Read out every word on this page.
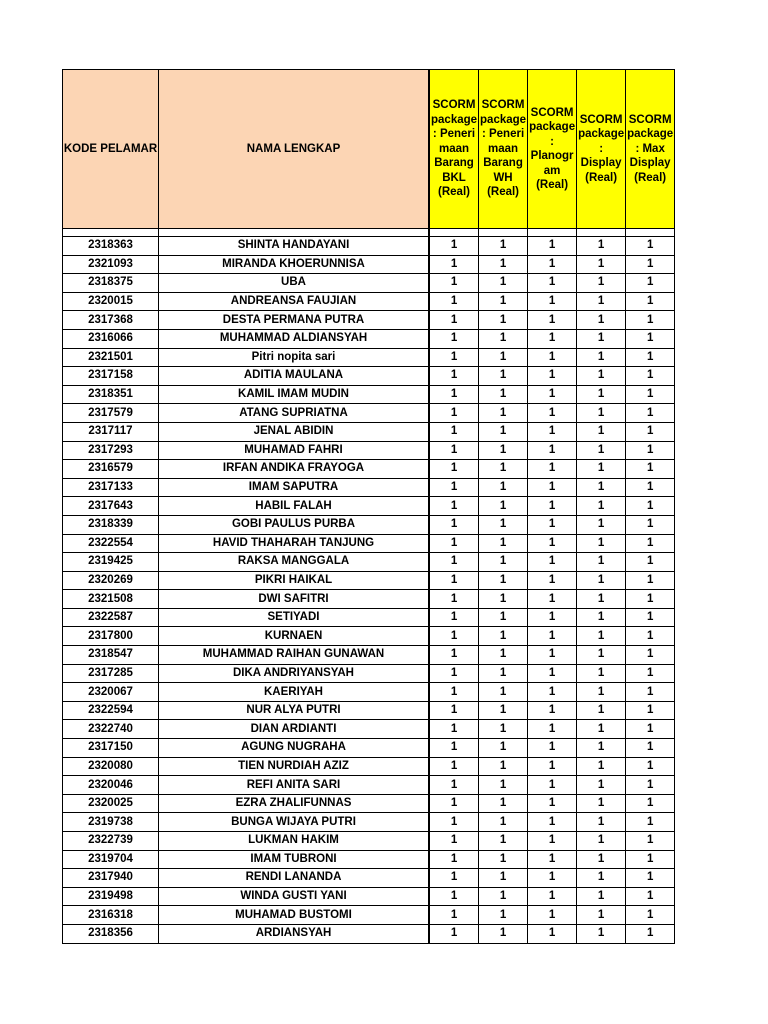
KODE PELAMAR	NAMA LENGKAP		SCORM package : Peneri maan Barang BKL (Real)	SCORM package : Peneri maan Barang WH (Real)	SCORM package : Planogr am (Real)	SCORM package : Display (Real)	SCORM package : Max Display (Real)

2318363	SHINTA HANDAYANI		1	1	1	1	1
2321093	MIRANDA KHOERUNNISA		1	1	1	1	1
2318375	UBA		1	1	1	1	1
2320015	ANDREANSA FAUJIAN		1	1	1	1	1
2317368	DESTA PERMANA PUTRA		1	1	1	1	1
2316066	MUHAMMAD ALDIANSYAH		1	1	1	1	1
2321501	Pitri nopita sari		1	1	1	1	1
2317158	ADITIA MAULANA		1	1	1	1	1
2318351	KAMIL IMAM MUDIN		1	1	1	1	1
2317579	ATANG SUPRIATNA		1	1	1	1	1
2317117	JENAL ABIDIN		1	1	1	1	1
2317293	MUHAMAD FAHRI		1	1	1	1	1
2316579	IRFAN ANDIKA FRAYOGA		1	1	1	1	1
2317133	IMAM SAPUTRA		1	1	1	1	1
2317643	HABIL FALAH		1	1	1	1	1
2318339	GOBI PAULUS PURBA		1	1	1	1	1
2322554	HAVID THAHARAH TANJUNG		1	1	1	1	1
2319425	RAKSA MANGGALA		1	1	1	1	1
2320269	PIKRI HAIKAL		1	1	1	1	1
2321508	DWI SAFITRI		1	1	1	1	1
2322587	SETIYADI		1	1	1	1	1
2317800	KURNAEN		1	1	1	1	1
2318547	MUHAMMAD RAIHAN GUNAWAN		1	1	1	1	1
2317285	DIKA ANDRIYANSYAH		1	1	1	1	1
2320067	KAERIYAH		1	1	1	1	1
2322594	NUR ALYA PUTRI		1	1	1	1	1
2322740	DIAN ARDIANTI		1	1	1	1	1
2317150	AGUNG NUGRAHA		1	1	1	1	1
2320080	TIEN NURDIAH AZIZ		1	1	1	1	1
2320046	REFI ANITA SARI		1	1	1	1	1
2320025	EZRA ZHALIFUNNAS		1	1	1	1	1
2319738	BUNGA WIJAYA PUTRI		1	1	1	1	1
2322739	LUKMAN HAKIM		1	1	1	1	1
2319704	IMAM TUBRONI		1	1	1	1	1
2317940	RENDI LANANDA		1	1	1	1	1
2319498	WINDA GUSTI YANI		1	1	1	1	1
2316318	MUHAMAD BUSTOMI		1	1	1	1	1
2318356	ARDIANSYAH		1	1	1	1	1
